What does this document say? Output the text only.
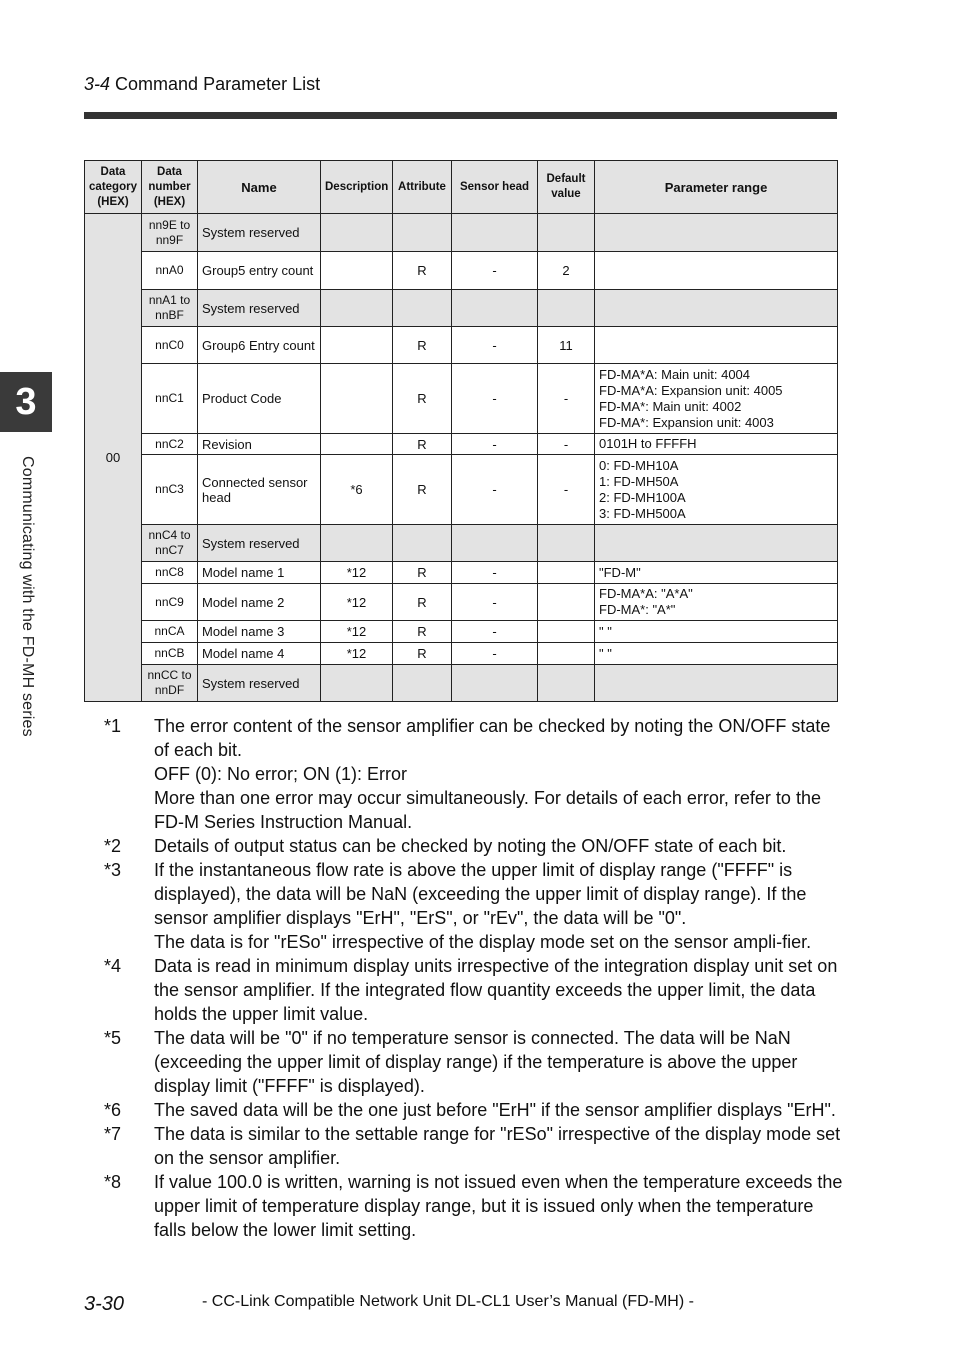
3-4 Command Parameter List
3
Communicating with the FD-MH series
Data category (HEX)	Data number (HEX)	Name	Description	Attribute	Sensor head	Default value	Parameter range
00	nn9E to nn9F	System reserved					
	nnA0	Group5 entry count		R	-	2	
	nnA1 to nnBF	System reserved					
	nnC0	Group6 Entry count		R	-	11	
	nnC1	Product Code		R	-	-	FD-MA*A: Main unit: 4004
FD-MA*A: Expansion unit: 4005
FD-MA*: Main unit: 4002
FD-MA*: Expansion unit: 4003

	nnC2	Revision		R	-	-	0101H to FFFFH

	nnC3	Connected sensor head	*6	R	-	-	0: FD-MH10A
1: FD-MH50A
2: FD-MH100A
3: FD-MH500A

	nnC4 to nnC7	System reserved					
	nnC8	Model name 1	*12	R	-		"FD-M"

	nnC9	Model name 2	*12	R	-		FD-MA*A: "A*A"
FD-MA*: "A*"

	nnCA	Model name 3	*12	R	-		" "

	nnCB	Model name 4	*12	R	-		" "

	nnCC to nnDF	System reserved					
*1	The error content of the sensor amplifier can be checked by noting the ON/OFF state of each bit.
OFF (0): No error; ON (1): Error
More than one error may occur simultaneously. For details of each error, refer to the FD-M Series Instruction Manual.
*2	Details of output status can be checked by noting the ON/OFF state of each bit.
*3	If the instantaneous flow rate is above the upper limit of display range ("FFFF" is displayed), the data will be NaN (exceeding the upper limit of display range). If the sensor amplifier displays "ErH", "ErS", or "rEv", the data will be "0".
The data is for "rESo" irrespective of the display mode set on the sensor ampli-fier.
*4	Data is read in minimum display units irrespective of the integration display unit set on the sensor amplifier. If the integrated flow quantity exceeds the upper limit, the data holds the upper limit value.
*5	The data will be "0" if no temperature sensor is connected. The data will be NaN (exceeding the upper limit of display range) if the temperature is above the upper display limit ("FFFF" is displayed).
*6	The saved data will be the one just before "ErH" if the sensor amplifier displays "ErH".
*7	The data is similar to the settable range for "rESo" irrespective of the display mode set on the sensor amplifier.
*8	If value 100.0 is written, warning is not issued even when the temperature exceeds the upper limit of temperature display range, but it is issued only when the temperature falls below the lower limit setting.
3-30	- CC-Link Compatible Network Unit DL-CL1 User’s Manual (FD-MH) -
